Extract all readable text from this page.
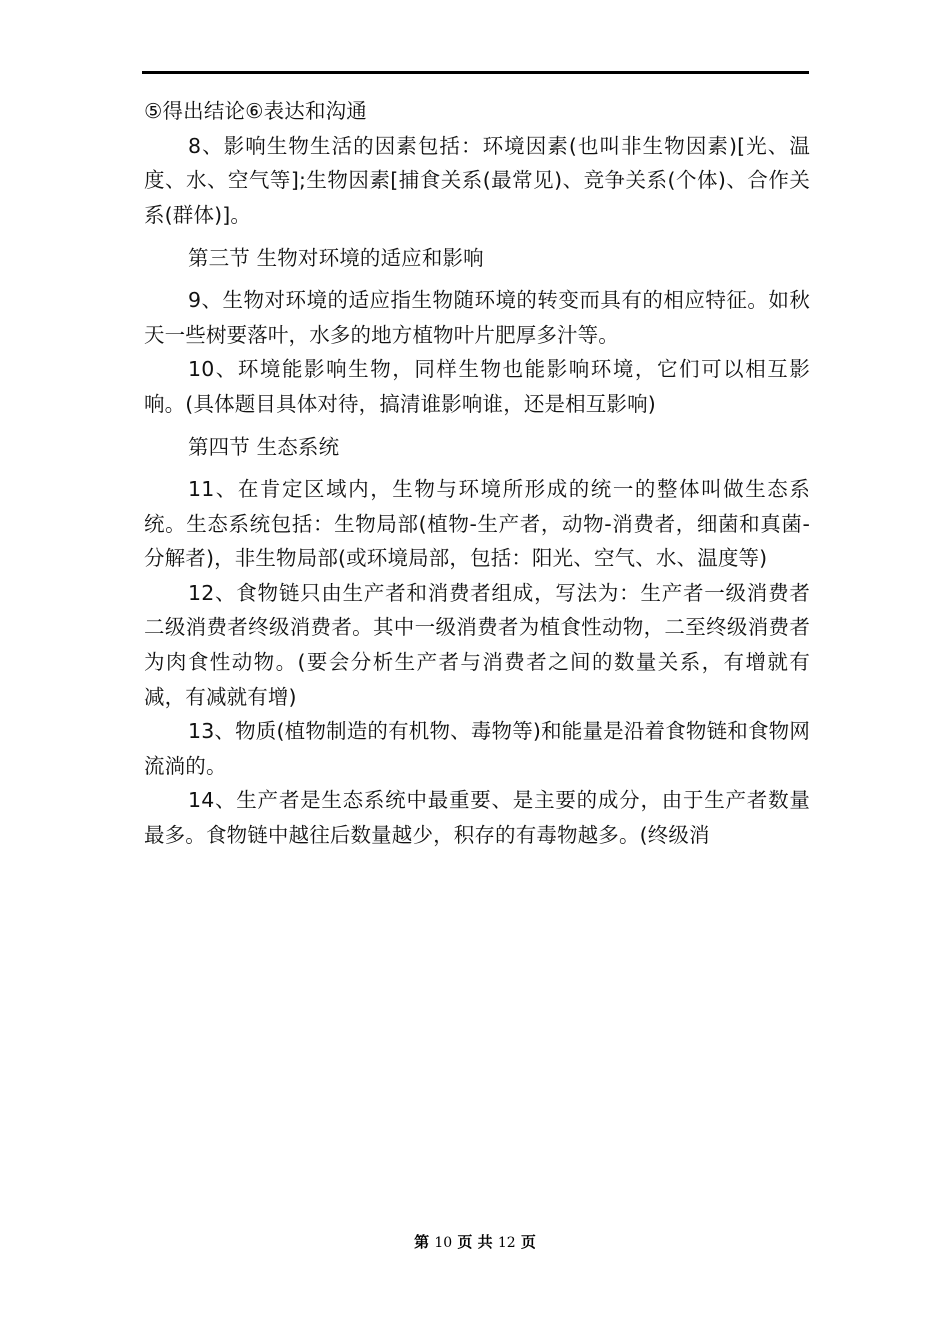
⑤得出结论⑥表达和沟通

8、影响生物生活的因素包括：环境因素(也叫非生物因素)[光、温度、水、空气等];生物因素[捕食关系(最常见)、竞争关系(个体)、合作关系(群体)]。

第三节 生物对环境的适应和影响

9、生物对环境的适应指生物随环境的转变而具有的相应特征。如秋天一些树要落叶，水多的地方植物叶片肥厚多汁等。

10、环境能影响生物，同样生物也能影响环境，它们可以相互影响。(具体题目具体对待，搞清谁影响谁，还是相互影响)

第四节 生态系统

11、在肯定区域内，生物与环境所形成的统一的整体叫做生态系统。生态系统包括：生物局部(植物-生产者，动物-消费者，细菌和真菌-分解者)，非生物局部(或环境局部，包括：阳光、空气、水、温度等)

12、食物链只由生产者和消费者组成，写法为：生产者一级消费者二级消费者终级消费者。其中一级消费者为植食性动物，二至终级消费者为肉食性动物。(要会分析生产者与消费者之间的数量关系，有增就有减，有减就有增)

13、物质(植物制造的有机物、毒物等)和能量是沿着食物链和食物网流淌的。

14、生产者是生态系统中最重要、是主要的成分，由于生产者数量最多。食物链中越往后数量越少，积存的有毒物越多。(终级消

第 10 页 共 12 页
